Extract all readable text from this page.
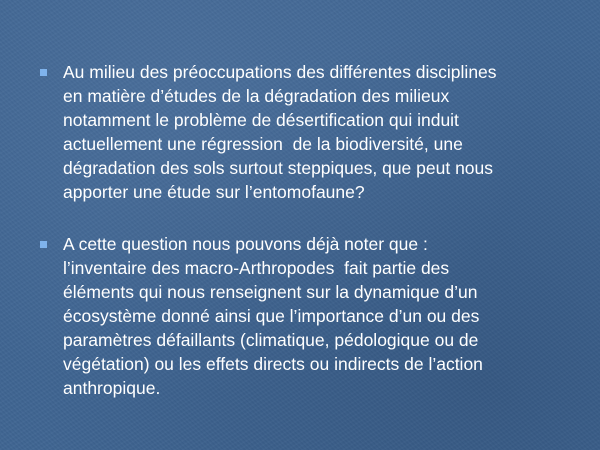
Au milieu des préoccupations des différentes disciplines
en matière d’études de la dégradation des milieux
notamment le problème de désertification qui induit
actuellement une régression  de la biodiversité, une
dégradation des sols surtout steppiques, que peut nous
apporter une étude sur l’entomofaune?

A cette question nous pouvons déjà noter que :
l’inventaire des macro-Arthropodes  fait partie des
éléments qui nous renseignent sur la dynamique d’un
écosystème donné ainsi que l’importance d’un ou des
paramètres défaillants (climatique, pédologique ou de
végétation) ou les effets directs ou indirects de l’action
anthropique.
